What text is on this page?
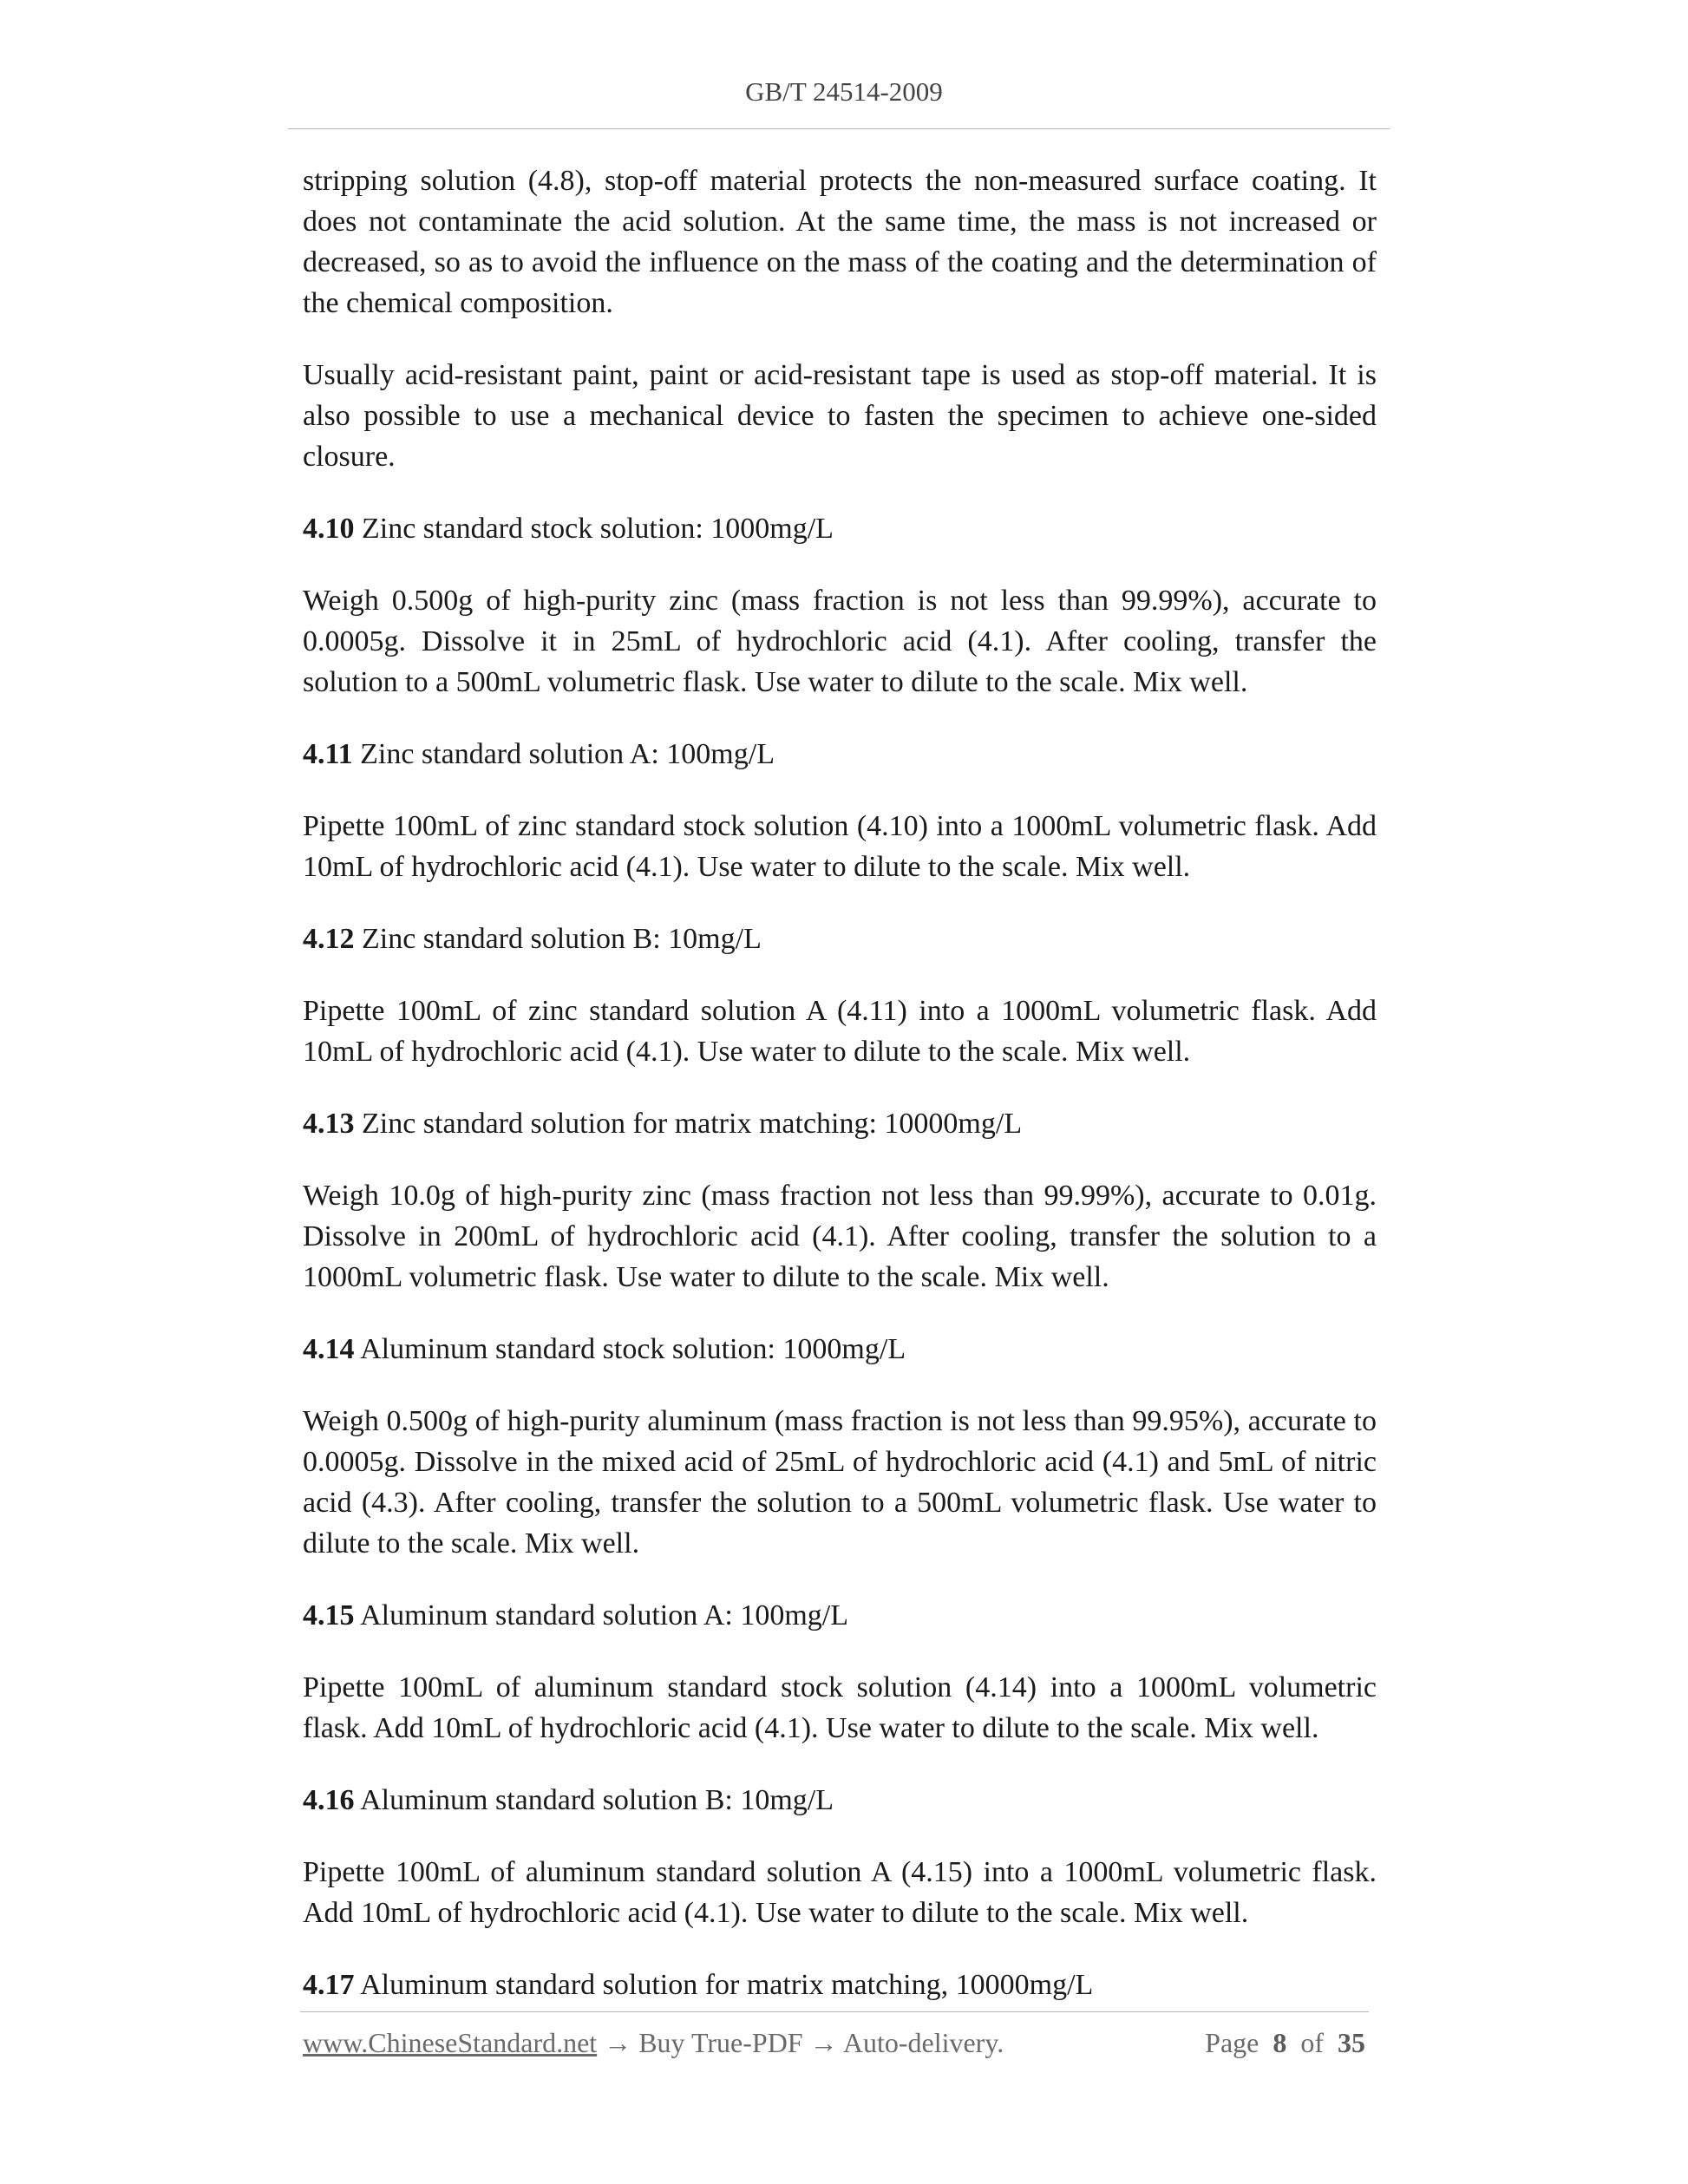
GB/T 24514-2009

stripping solution (4.8), stop-off material protects the non-measured surface coating. It does not contaminate the acid solution. At the same time, the mass is not increased or decreased, so as to avoid the influence on the mass of the coating and the determination of the chemical composition.

Usually acid-resistant paint, paint or acid-resistant tape is used as stop-off material. It is also possible to use a mechanical device to fasten the specimen to achieve one-sided closure.

4.10 Zinc standard stock solution: 1000mg/L

Weigh 0.500g of high-purity zinc (mass fraction is not less than 99.99%), accurate to 0.0005g. Dissolve it in 25mL of hydrochloric acid (4.1). After cooling, transfer the solution to a 500mL volumetric flask. Use water to dilute to the scale. Mix well.

4.11 Zinc standard solution A: 100mg/L

Pipette 100mL of zinc standard stock solution (4.10) into a 1000mL volumetric flask. Add 10mL of hydrochloric acid (4.1). Use water to dilute to the scale. Mix well.

4.12 Zinc standard solution B: 10mg/L

Pipette 100mL of zinc standard solution A (4.11) into a 1000mL volumetric flask. Add 10mL of hydrochloric acid (4.1). Use water to dilute to the scale. Mix well.

4.13 Zinc standard solution for matrix matching: 10000mg/L

Weigh 10.0g of high-purity zinc (mass fraction not less than 99.99%), accurate to 0.01g. Dissolve in 200mL of hydrochloric acid (4.1). After cooling, transfer the solution to a 1000mL volumetric flask. Use water to dilute to the scale. Mix well.

4.14 Aluminum standard stock solution: 1000mg/L

Weigh 0.500g of high-purity aluminum (mass fraction is not less than 99.95%), accurate to 0.0005g. Dissolve in the mixed acid of 25mL of hydrochloric acid (4.1) and 5mL of nitric acid (4.3). After cooling, transfer the solution to a 500mL volumetric flask. Use water to dilute to the scale. Mix well.

4.15 Aluminum standard solution A: 100mg/L

Pipette 100mL of aluminum standard stock solution (4.14) into a 1000mL volumetric flask. Add 10mL of hydrochloric acid (4.1). Use water to dilute to the scale. Mix well.

4.16 Aluminum standard solution B: 10mg/L

Pipette 100mL of aluminum standard solution A (4.15) into a 1000mL volumetric flask. Add 10mL of hydrochloric acid (4.1). Use water to dilute to the scale. Mix well.

4.17 Aluminum standard solution for matrix matching, 10000mg/L

www.ChineseStandard.net → Buy True-PDF → Auto-delivery.	Page 8 of 35
